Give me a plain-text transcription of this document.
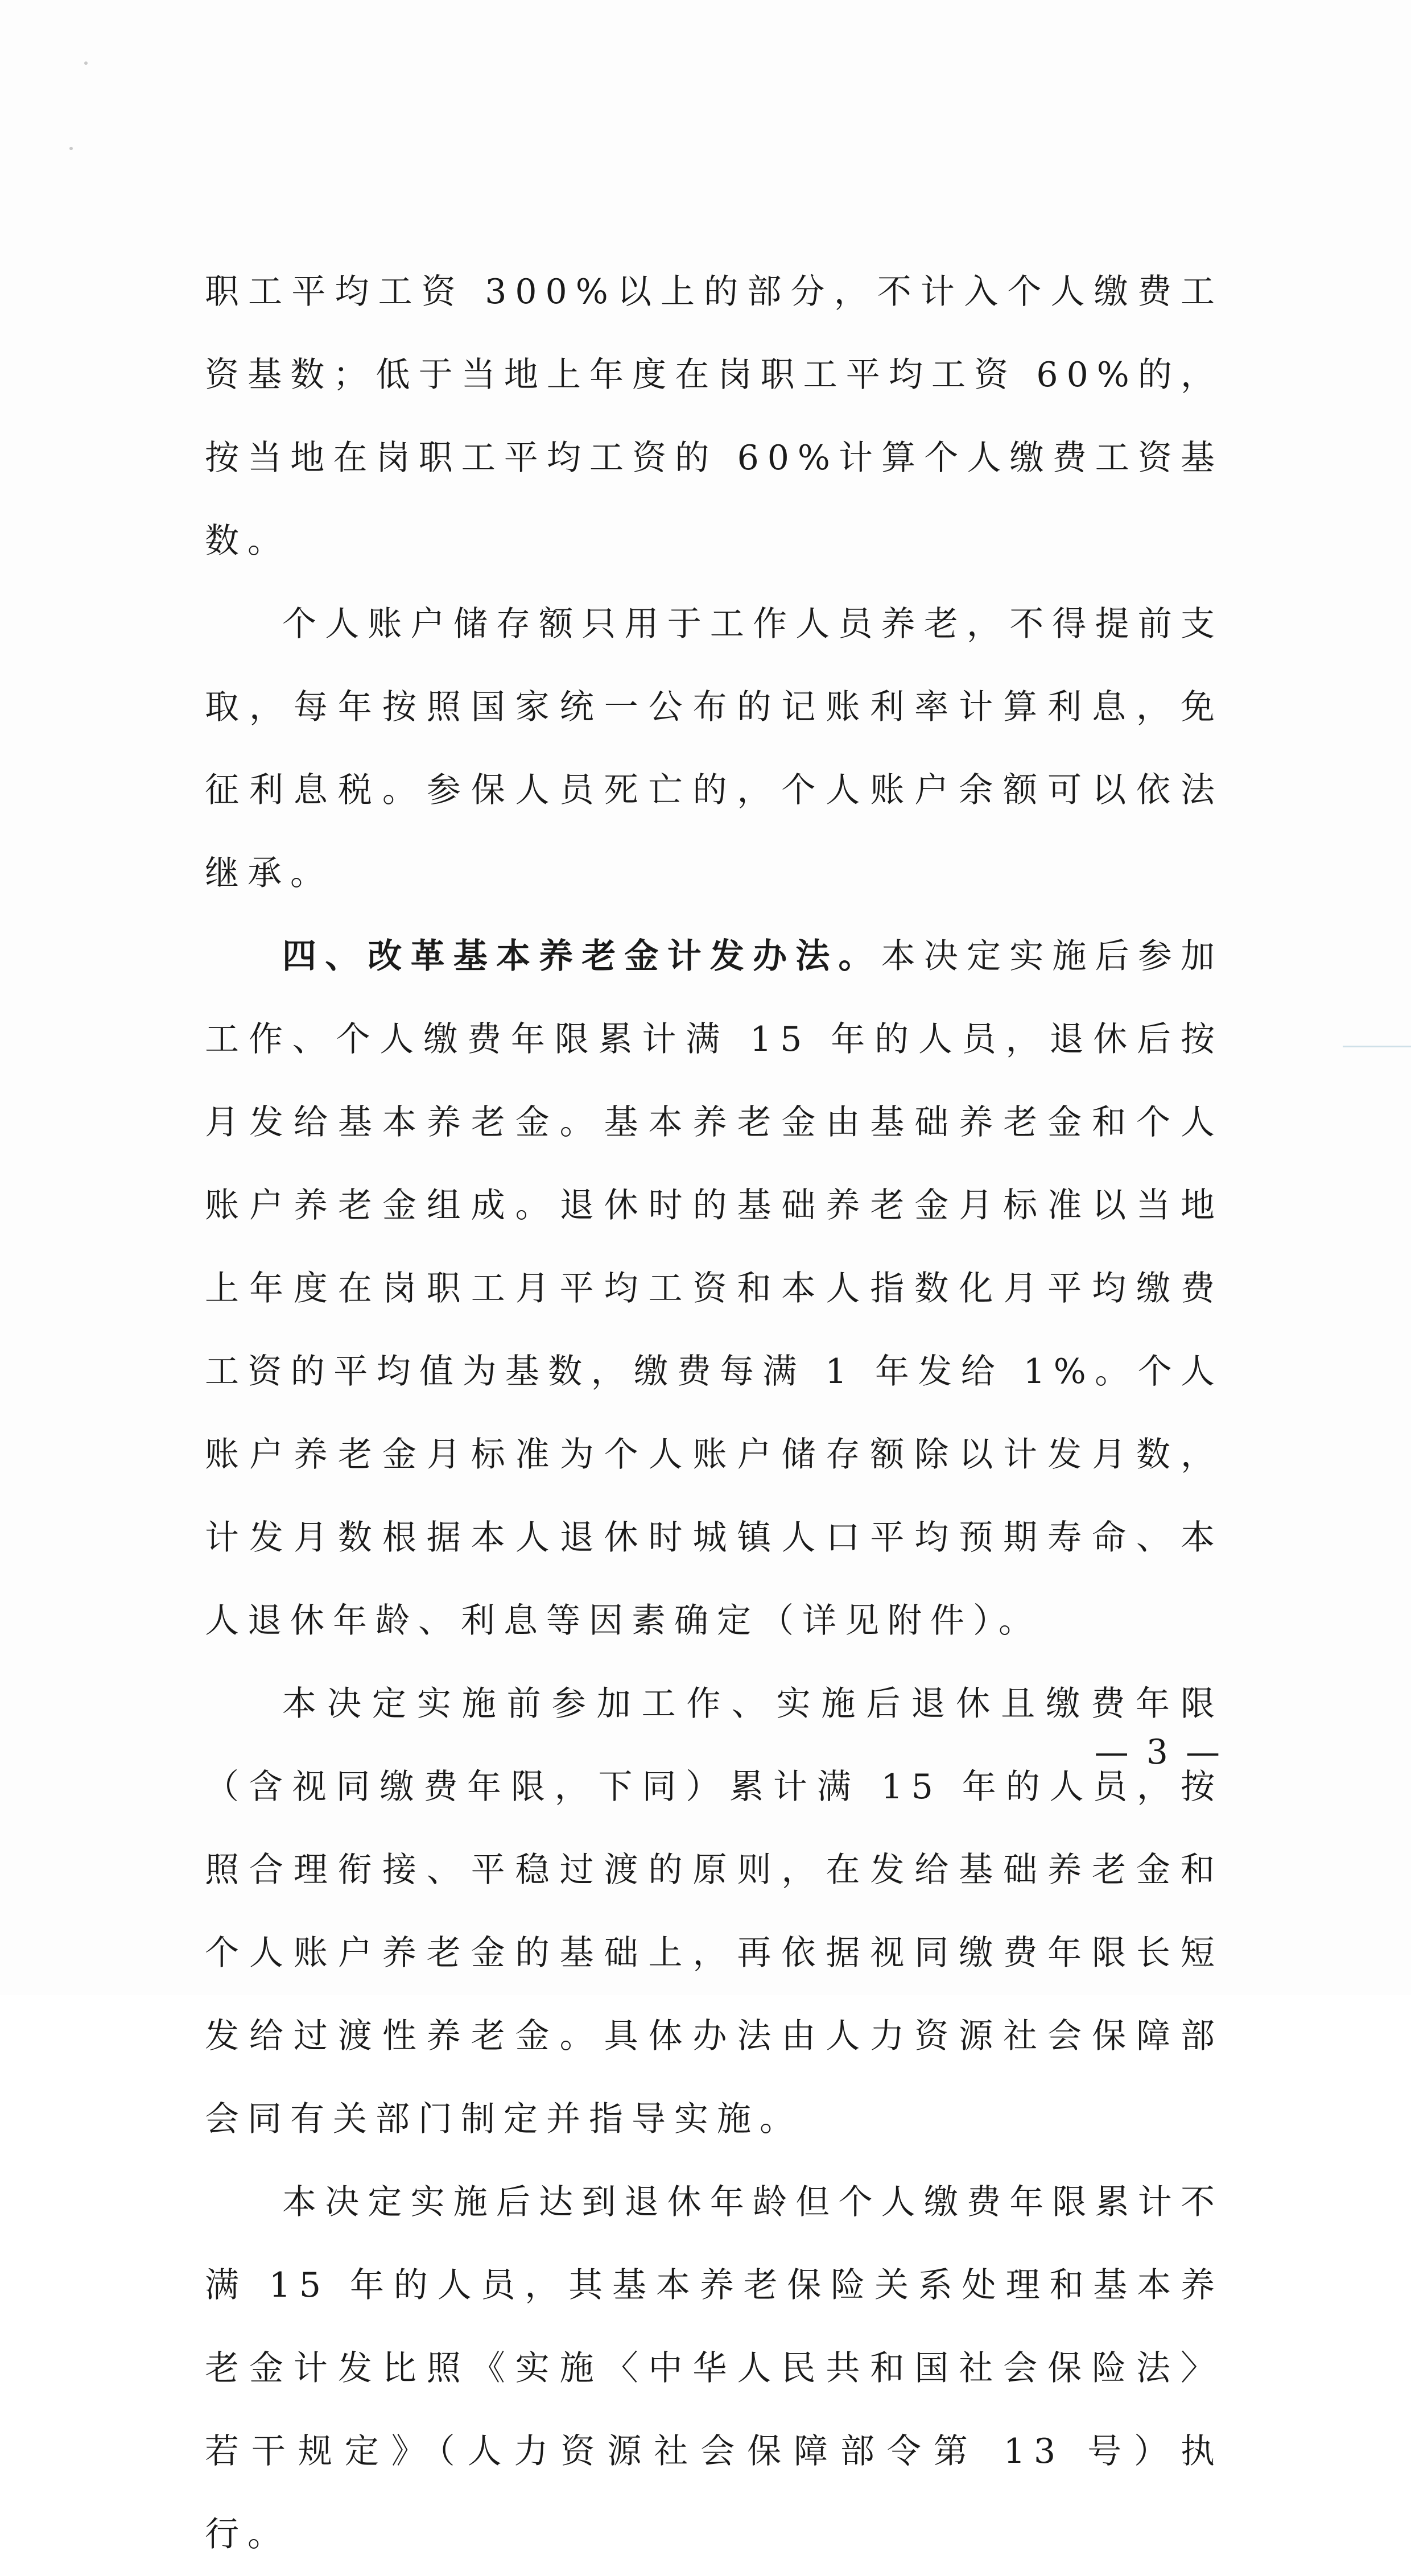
职工平均工资 300%以上的部分，不计入个人缴费工资基数；低于当地上年度在岗职工平均工资 60%的，按当地在岗职工平均工资的 60%计算个人缴费工资基数。

个人账户储存额只用于工作人员养老，不得提前支取，每年按照国家统一公布的记账利率计算利息，免征利息税。参保人员死亡的，个人账户余额可以依法继承。

四、改革基本养老金计发办法。本决定实施后参加工作、个人缴费年限累计满 15 年的人员，退休后按月发给基本养老金。基本养老金由基础养老金和个人账户养老金组成。退休时的基础养老金月标准以当地上年度在岗职工月平均工资和本人指数化月平均缴费工资的平均值为基数，缴费每满 1 年发给 1%。个人账户养老金月标准为个人账户储存额除以计发月数，计发月数根据本人退休时城镇人口平均预期寿命、本人退休年龄、利息等因素确定（详见附件）。

本决定实施前参加工作、实施后退休且缴费年限（含视同缴费年限，下同）累计满 15 年的人员，按照合理衔接、平稳过渡的原则，在发给基础养老金和个人账户养老金的基础上，再依据视同缴费年限长短发给过渡性养老金。具体办法由人力资源社会保障部会同有关部门制定并指导实施。

本决定实施后达到退休年龄但个人缴费年限累计不满 15 年的人员，其基本养老保险关系处理和基本养老金计发比照《实施〈中华人民共和国社会保险法〉若干规定》（人力资源社会保障部令第 13 号）执行。

— 3 —
